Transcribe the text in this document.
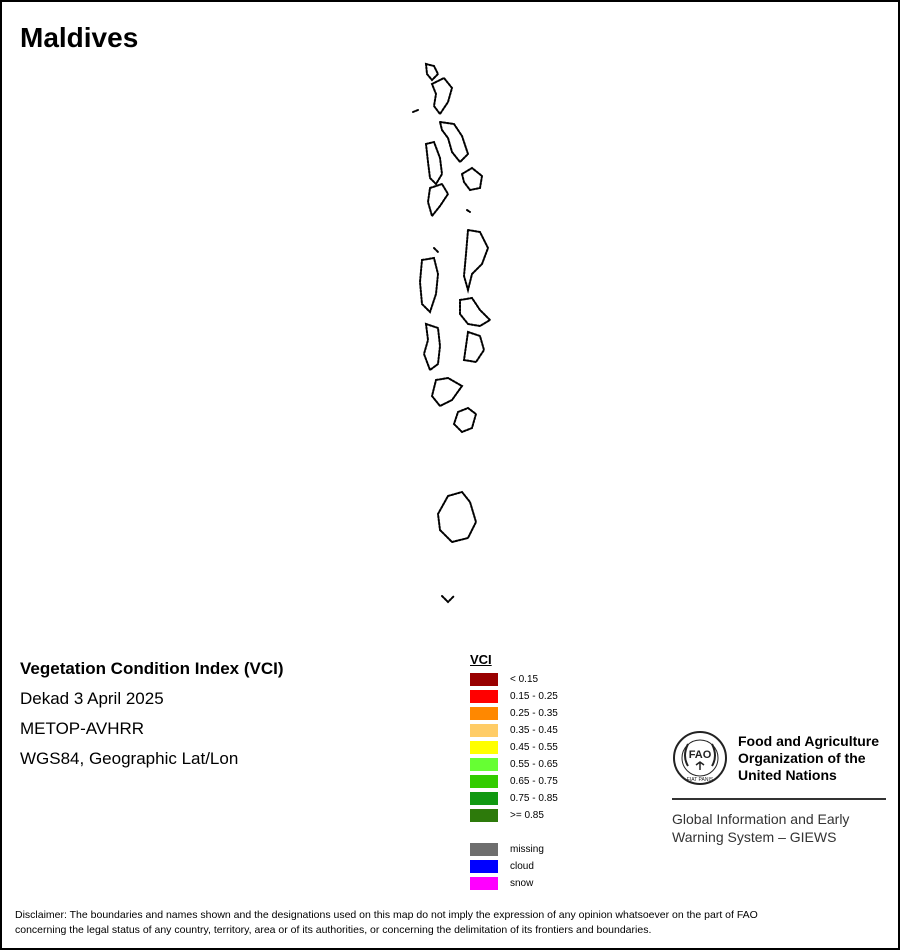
Maldives
Vegetation Condition Index (VCI)
Dekad 3 April 2025
METOP-AVHRR
WGS84, Geographic Lat/Lon
VCI
< 0.15
0.15 - 0.25
0.25 - 0.35
0.35 - 0.45
0.45 - 0.55
0.55 - 0.65
0.65 - 0.75
0.75 - 0.85
>= 0.85
missing
cloud
snow
FAO
FIAT PANIS
Food and Agriculture
Organization of the
United Nations
Global Information and Early
Warning System – GIEWS
Disclaimer: The boundaries and names shown and the designations used on this map do not imply the expression of any opinion whatsoever on the part of FAO
concerning the legal status of any country, territory, area or of its authorities, or concerning the delimitation of its frontiers and boundaries.
